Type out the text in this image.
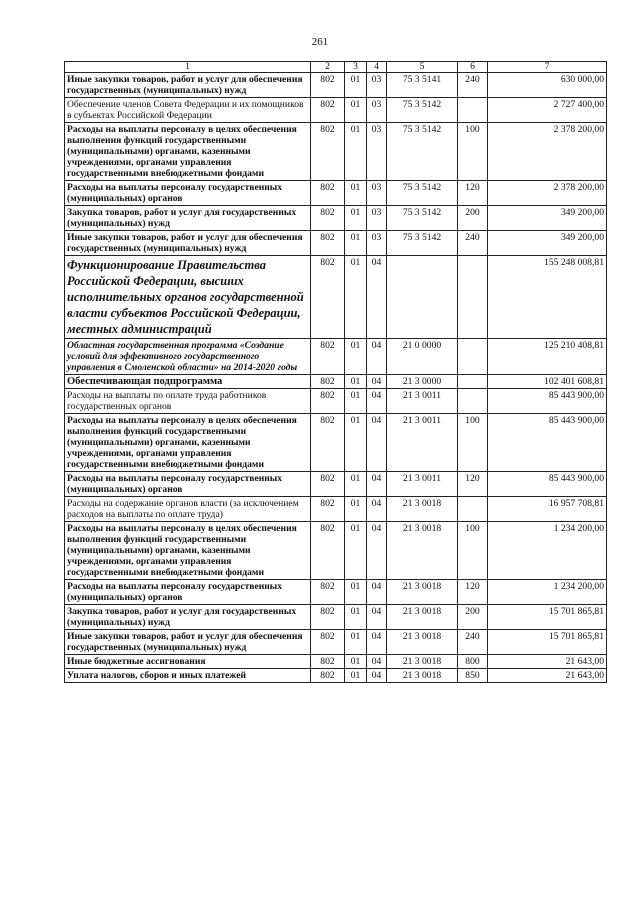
261
1	2	3	4	5	6	7
Иные закупки товаров, работ и услуг для обеспечения государственных (муниципальных) нужд	802	01	03	75 3 5141	240	630 000,00
Обеспечение членов Совета Федерации и их помощников в субъектах Российской Федерации	802	01	03	75 3 5142		2 727 400,00
Расходы на выплаты персоналу в целях обеспечения выполнения функций государственными (муниципальными) органами, казенными учреждениями, органами управления государственными внебюджетными фондами	802	01	03	75 3 5142	100	2 378 200,00
Расходы на выплаты персоналу государственных (муниципальных) органов	802	01	03	75 3 5142	120	2 378 200,00
Закупка товаров, работ и услуг для государственных (муниципальных) нужд	802	01	03	75 3 5142	200	349 200,00
Иные закупки товаров, работ и услуг для обеспечения государственных (муниципальных) нужд	802	01	03	75 3 5142	240	349 200,00
Функционирование Правительства Российской Федерации, высших исполнительных органов государственной власти субъектов Российской Федерации, местных администраций	802	01	04			155 248 008,81
Областная государственная программа «Создание условий для эффективного государственного управления в Смоленской области» на 2014-2020 годы	802	01	04	21 0 0000		125 210 408,81
Обеспечивающая подпрограмма	802	01	04	21 3 0000		102 401 608,81
Расходы на выплаты по оплате труда работников государственных органов	802	01	04	21 3 0011		85 443 900,00
Расходы на выплаты персоналу в целях обеспечения выполнения функций государственными (муниципальными) органами, казенными учреждениями, органами управления государственными внебюджетными фондами	802	01	04	21 3 0011	100	85 443 900,00
Расходы на выплаты персоналу государственных (муниципальных) органов	802	01	04	21 3 0011	120	85 443 900,00
Расходы на содержание органов власти (за исключением расходов на выплаты по оплате труда)	802	01	04	21 3 0018		16 957 708,81
Расходы на выплаты персоналу в целях обеспечения выполнения функций государственными (муниципальными) органами, казенными учреждениями, органами управления государственными внебюджетными фондами	802	01	04	21 3 0018	100	1 234 200,00
Расходы на выплаты персоналу государственных (муниципальных) органов	802	01	04	21 3 0018	120	1 234 200,00
Закупка товаров, работ и услуг для государственных (муниципальных) нужд	802	01	04	21 3 0018	200	15 701 865,81
Иные закупки товаров, работ и услуг для обеспечения государственных (муниципальных) нужд	802	01	04	21 3 0018	240	15 701 865,81
Иные бюджетные ассигнования	802	01	04	21 3 0018	800	21 643,00
Уплата налогов, сборов и иных платежей	802	01	04	21 3 0018	850	21 643,00
